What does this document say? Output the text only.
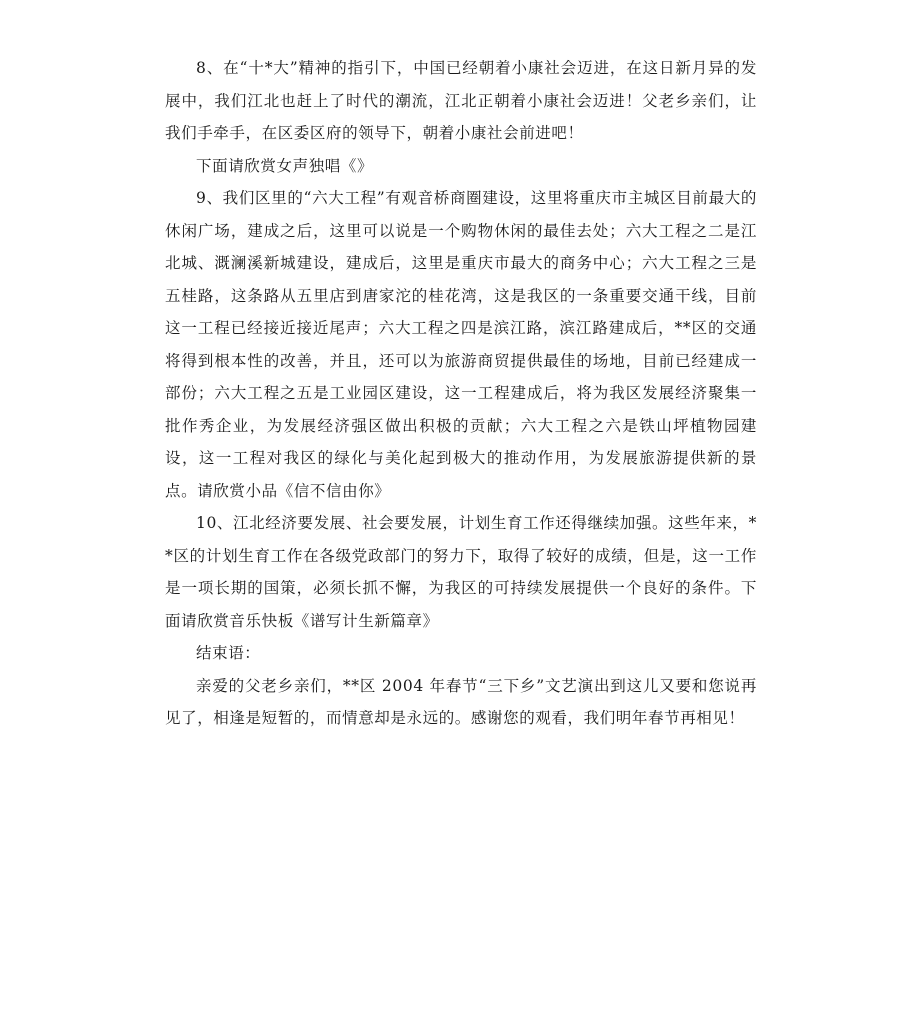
8、在“十*大”精神的指引下，中国已经朝着小康社会迈进，在这日新月异的发展中，我们江北也赶上了时代的潮流，江北正朝着小康社会迈进！父老乡亲们，让我们手牵手，在区委区府的领导下，朝着小康社会前进吧！

下面请欣赏女声独唱《》

9、我们区里的“六大工程”有观音桥商圈建设，这里将重庆市主城区目前最大的休闲广场，建成之后，这里可以说是一个购物休闲的最佳去处；六大工程之二是江北城、溉澜溪新城建设，建成后，这里是重庆市最大的商务中心；六大工程之三是五桂路，这条路从五里店到唐家沱的桂花湾，这是我区的一条重要交通干线，目前这一工程已经接近接近尾声；六大工程之四是滨江路，滨江路建成后，**区的交通将得到根本性的改善，并且，还可以为旅游商贸提供最佳的场地，目前已经建成一部份；六大工程之五是工业园区建设，这一工程建成后，将为我区发展经济聚集一批作秀企业，为发展经济强区做出积极的贡献；六大工程之六是铁山坪植物园建设，这一工程对我区的绿化与美化起到极大的推动作用，为发展旅游提供新的景点。请欣赏小品《信不信由你》

10、江北经济要发展、社会要发展，计划生育工作还得继续加强。这些年来，**区的计划生育工作在各级党政部门的努力下，取得了较好的成绩，但是，这一工作是一项长期的国策，必须长抓不懈，为我区的可持续发展提供一个良好的条件。下面请欣赏音乐快板《谱写计生新篇章》

结束语：

亲爱的父老乡亲们，**区 2004 年春节“三下乡”文艺演出到这儿又要和您说再见了，相逢是短暂的，而情意却是永远的。感谢您的观看，我们明年春节再相见！
